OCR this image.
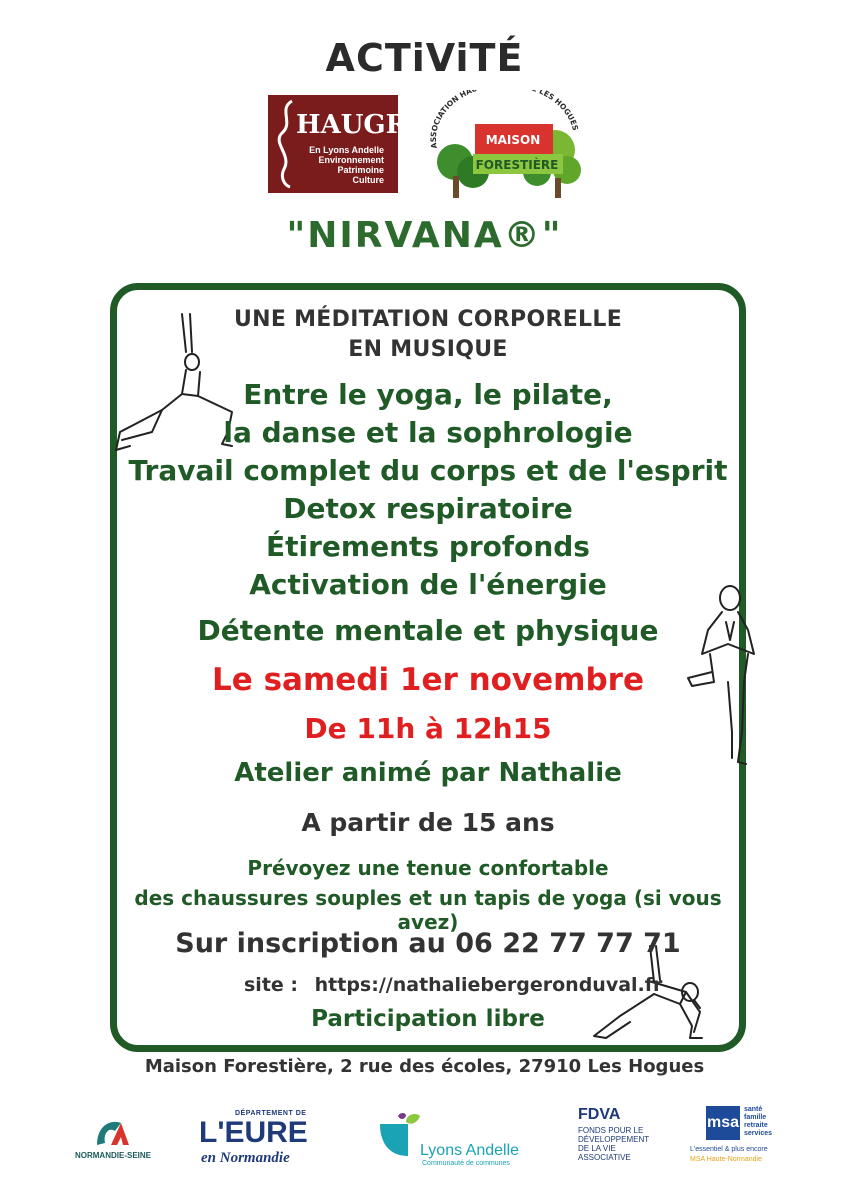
ACTiViTÉ
HAUGR
En Lyons Andelle
Environnement
Patrimoine
Culture
ASSOCIATION HA LES HOGUES
MAISON
FORESTIÈRE
"NIRVANA®"
UNE MÉDITATION CORPORELLE
EN MUSIQUE
Entre le yoga, le pilate,
la danse et la sophrologie
Travail complet du corps et de l'esprit
Detox respiratoire
Étirements profonds
Activation de l'énergie
Détente mentale et physique
Le samedi 1er novembre
De 11h à 12h15
Atelier animé par Nathalie
A partir de 15 ans
Prévoyez une tenue confortable
des chaussures souples et un tapis de yoga (si vous avez)
Sur inscription au 06 22 77 77 71
site : https://nathaliebergeronduval.fr
Participation libre
Maison Forestière, 2 rue des écoles, 27910 Les Hogues
NORMANDIE-SEINE
DÉPARTEMENT DE
L'EURE
en Normandie	Lyons Andelle
Communauté de communes
FDVA
FONDS POUR LE
DÉVELOPPEMENT
DE LA VIE
ASSOCIATIVE
msa
santé
famille
retraite
services
L'essentiel & plus encore
MSA Haute-Normandie
